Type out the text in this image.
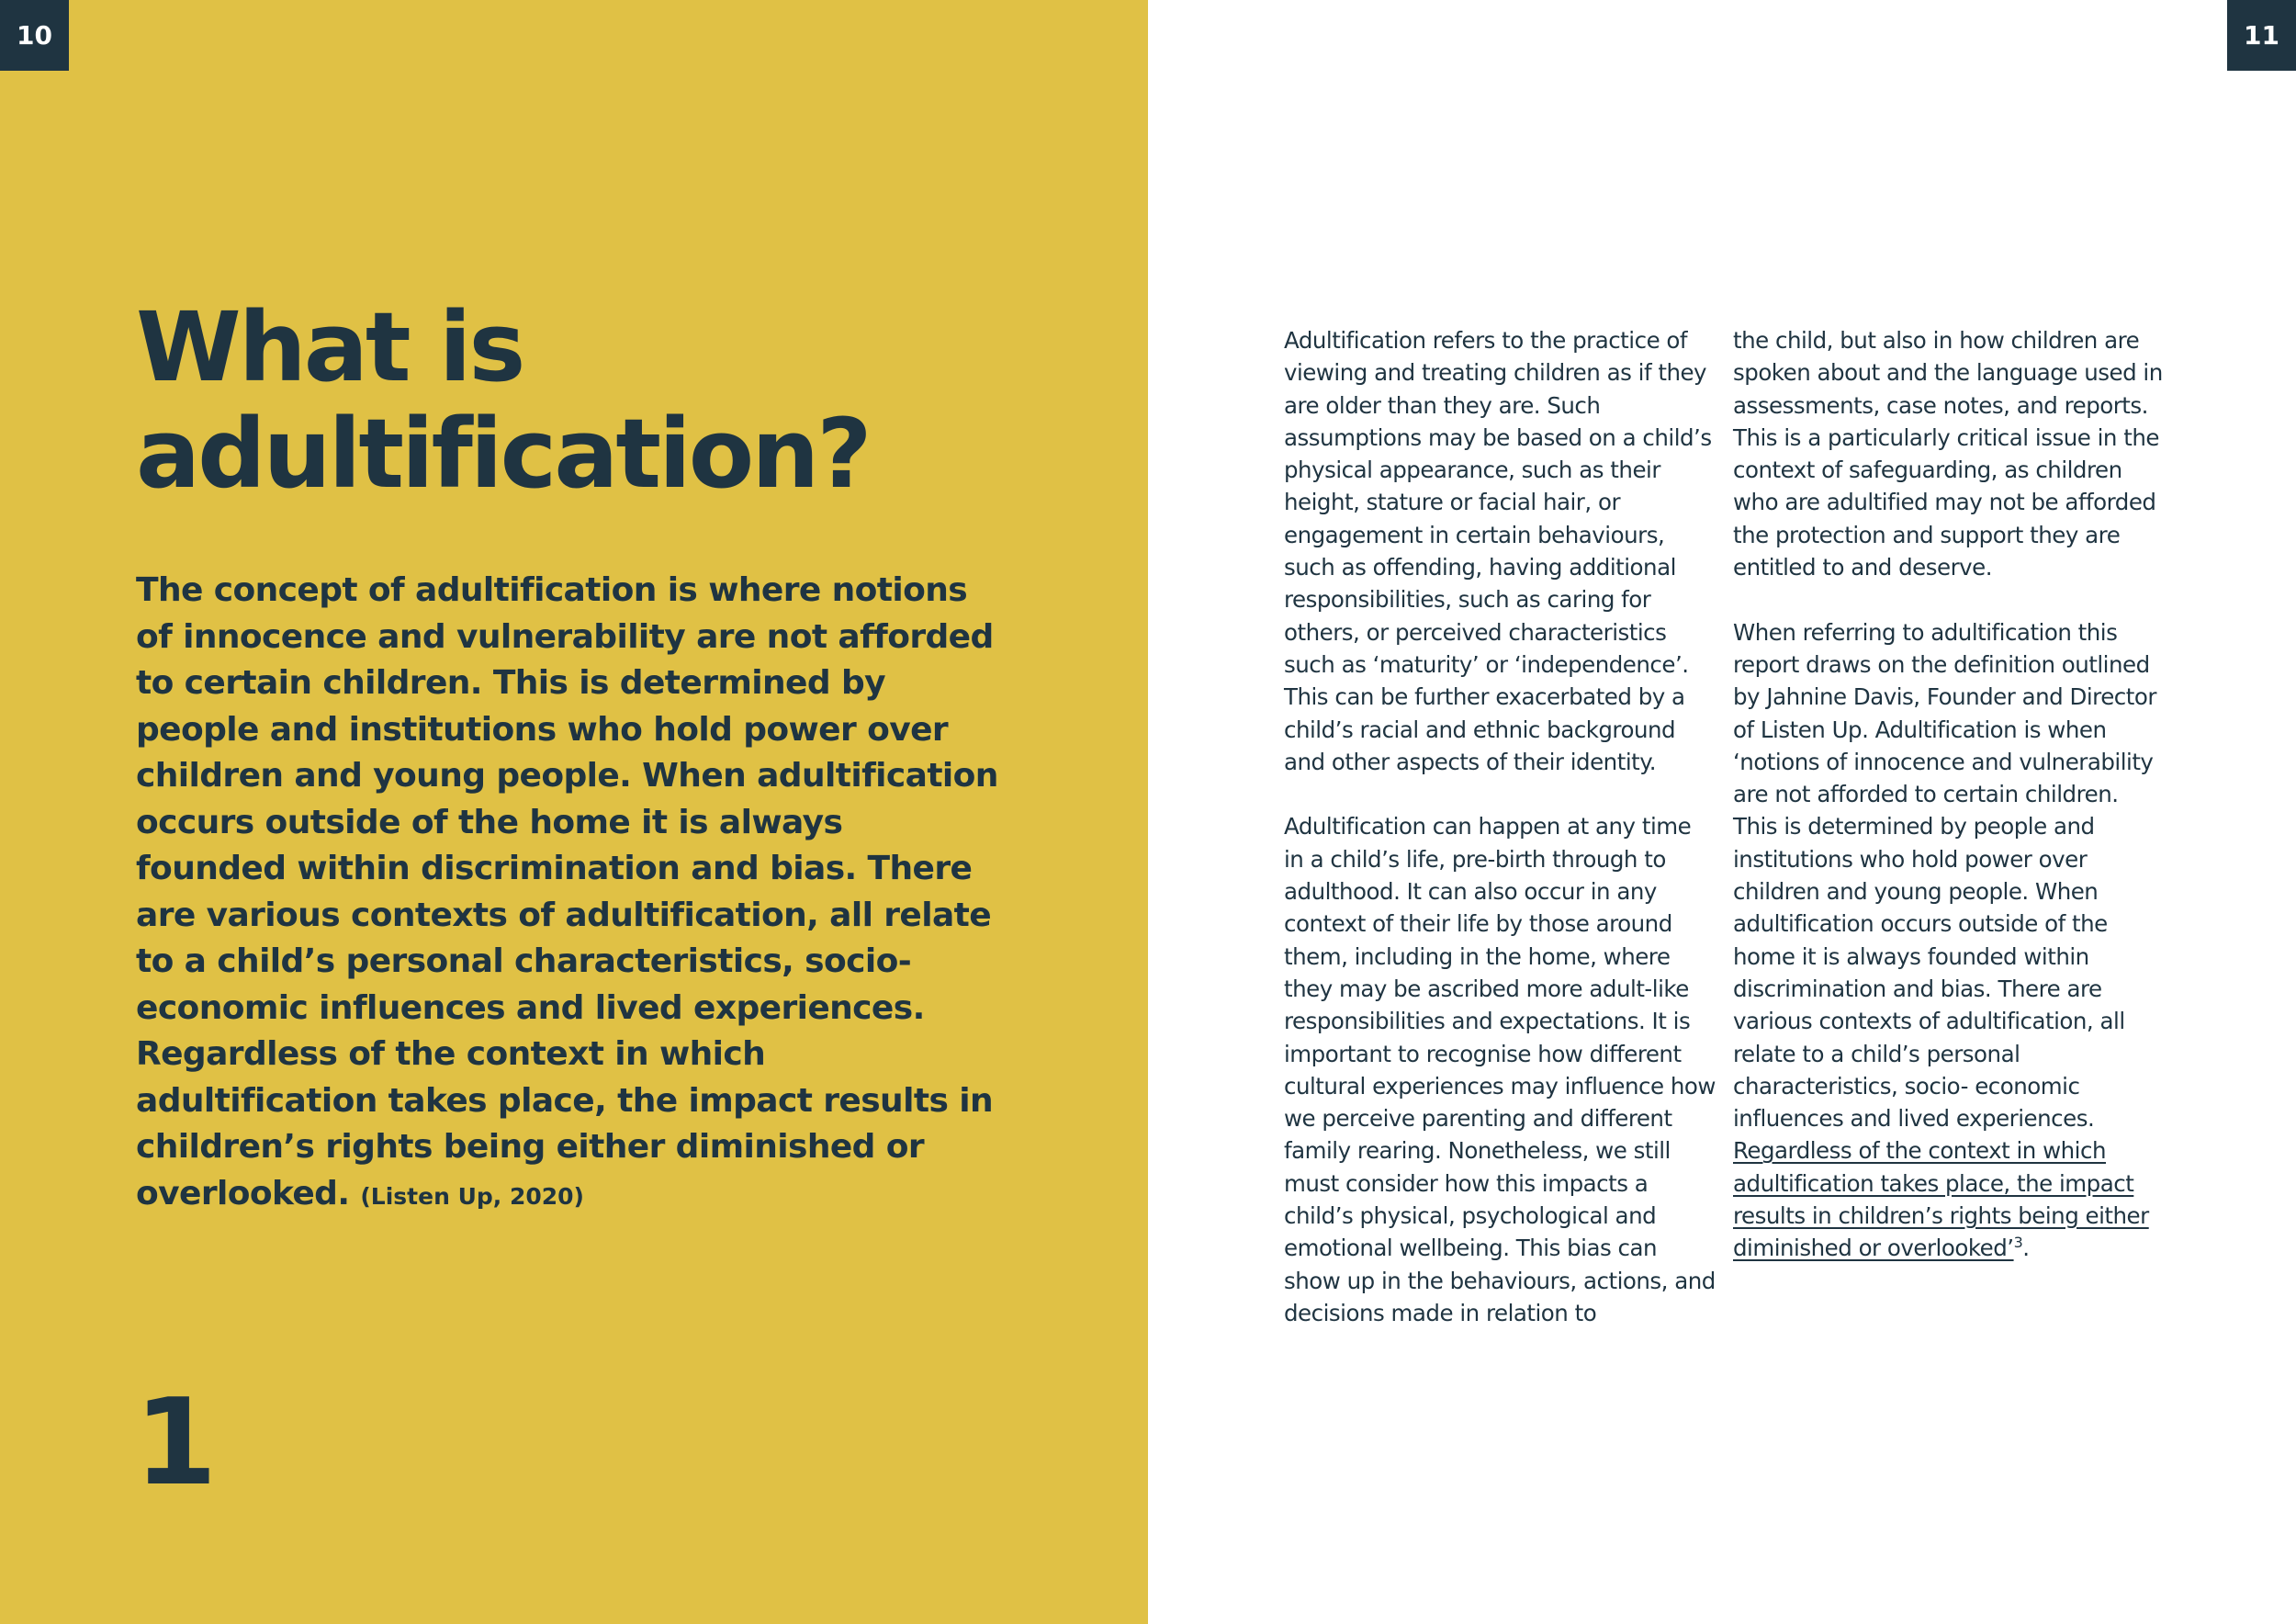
10	11
What is
adultification?

The concept of adultification is where notions of innocence and vulnerability are not afforded to certain children. This is determined by people and institutions who hold power over children and young people. When adultification occurs outside of the home it is always founded within discrimination and bias. There are various contexts of adultification, all relate to a child’s personal characteristics, socio-economic influences and lived experiences. Regardless of the context in which adultification takes place, the impact results in children’s rights being either diminished or overlooked. (Listen Up, 2020)

1

Adultification refers to the practice of viewing and treating children as if they are older than they are. Such assumptions may be based on a child’s physical appearance, such as their height, stature or facial hair, or engagement in certain behaviours, such as offending, having additional responsibilities, such as caring for others, or perceived characteristics such as ‘maturity’ or ‘independence’. This can be further exacerbated by a child’s racial and ethnic background and other aspects of their identity.

Adultification can happen at any time in a child’s life, pre-birth through to adulthood. It can also occur in any context of their life by those around them, including in the home, where they may be ascribed more adult-like responsibilities and expectations. It is important to recognise how different cultural experiences may influence how we perceive parenting and different family rearing. Nonetheless, we still must consider how this impacts a child’s physical, psychological and emotional wellbeing. This bias can show up in the behaviours, actions, and decisions made in relation to

the child, but also in how children are spoken about and the language used in assessments, case notes, and reports. This is a particularly critical issue in the context of safeguarding, as children who are adultified may not be afforded the protection and support they are entitled to and deserve.

When referring to adultification this report draws on the definition outlined by Jahnine Davis, Founder and Director of Listen Up. Adultification is when ‘notions of innocence and vulnerability are not afforded to certain children. This is determined by people and institutions who hold power over children and young people. When adultification occurs outside of the home it is always founded within discrimination and bias. There are various contexts of adultification, all relate to a child’s personal characteristics, socio- economic influences and lived experiences. Regardless of the context in which adultification takes place, the impact results in children’s rights being either diminished or overlooked’$^3$.
